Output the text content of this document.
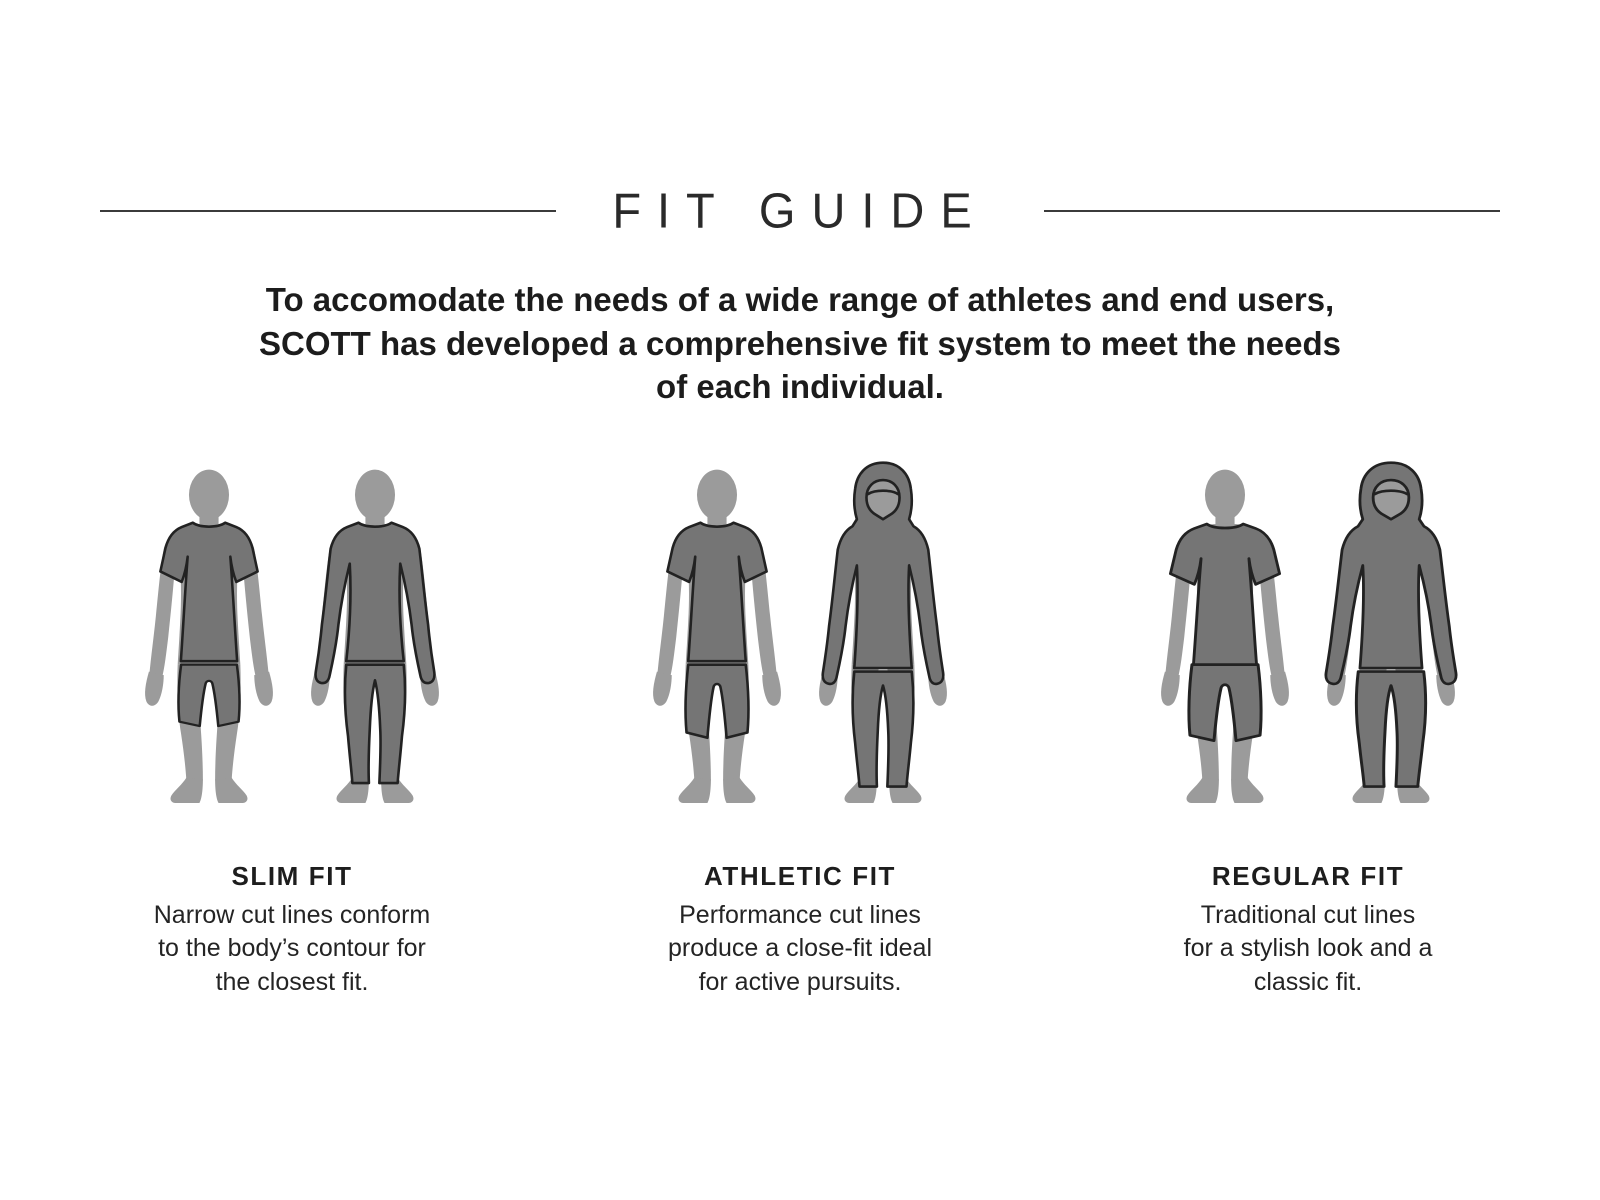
FIT GUIDE
To accomodate the needs of a wide range of athletes and end users,
SCOTT has developed a comprehensive fit system to meet the needs
of each individual.
SLIM FIT

Narrow cut lines conform
to the body’s contour for
the closest fit.

ATHLETIC FIT

Performance cut lines
produce a close-fit ideal
for active pursuits.

REGULAR FIT

Traditional cut lines
for a stylish look and a
classic fit.
